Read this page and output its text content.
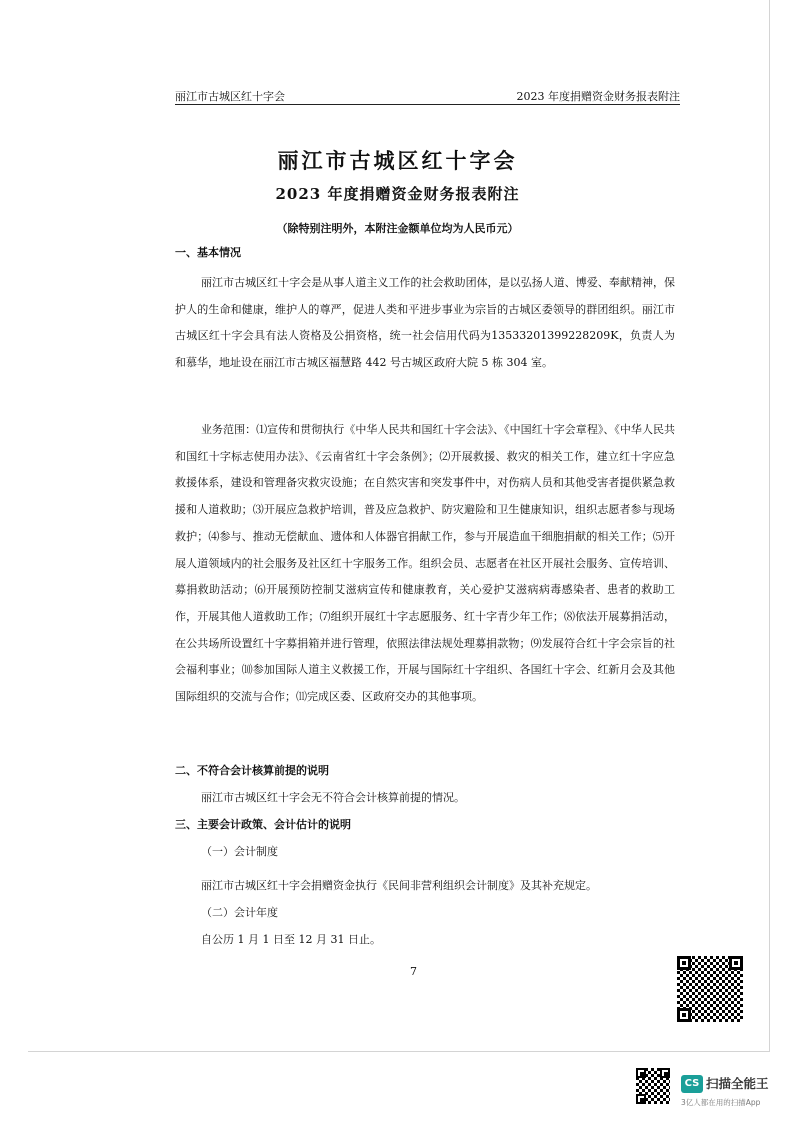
丽江市古城区红十字会	2023 年度捐赠资金财务报表附注
丽江市古城区红十字会
2023 年度捐赠资金财务报表附注
（除特别注明外，本附注金额单位均为人民币元）
一、基本情况
丽江市古城区红十字会是从事人道主义工作的社会救助团体，是以弘扬人道、博爱、奉献精神，保护人的生命和健康，维护人的尊严，促进人类和平进步事业为宗旨的古城区委领导的群团组织。丽江市古城区红十字会具有法人资格及公捐资格，统一社会信用代码为13533201399228209K，负责人为和慕华，地址设在丽江市古城区福慧路 442 号古城区政府大院 5 栋 304 室。
业务范围：⑴宣传和贯彻执行《中华人民共和国红十字会法》、《中国红十字会章程》、《中华人民共和国红十字标志使用办法》、《云南省红十字会条例》；⑵开展救援、救灾的相关工作，建立红十字应急救援体系，建设和管理备灾救灾设施；在自然灾害和突发事件中，对伤病人员和其他受害者提供紧急救援和人道救助；⑶开展应急救护培训，普及应急救护、防灾避险和卫生健康知识，组织志愿者参与现场救护；⑷参与、推动无偿献血、遗体和人体器官捐献工作，参与开展造血干细胞捐献的相关工作；⑸开展人道领域内的社会服务及社区红十字服务工作。组织会员、志愿者在社区开展社会服务、宣传培训、募捐救助活动；⑹开展预防控制艾滋病宣传和健康教育，关心爱护艾滋病病毒感染者、患者的救助工作，开展其他人道救助工作；⑺组织开展红十字志愿服务、红十字青少年工作；⑻依法开展募捐活动，在公共场所设置红十字募捐箱并进行管理，依照法律法规处理募捐款物；⑼发展符合红十字会宗旨的社会福利事业；⑽参加国际人道主义救援工作，开展与国际红十字组织、各国红十字会、红新月会及其他国际组织的交流与合作；⑾完成区委、区政府交办的其他事项。
二、不符合会计核算前提的说明
丽江市古城区红十字会无不符合会计核算前提的情况。
三、主要会计政策、会计估计的说明
（一）会计制度
丽江市古城区红十字会捐赠资金执行《民间非营利组织会计制度》及其补充规定。
（二）会计年度
自公历 1 月 1 日至 12 月 31 日止。
7
CS 扫描全能王
3亿人都在用的扫描App
